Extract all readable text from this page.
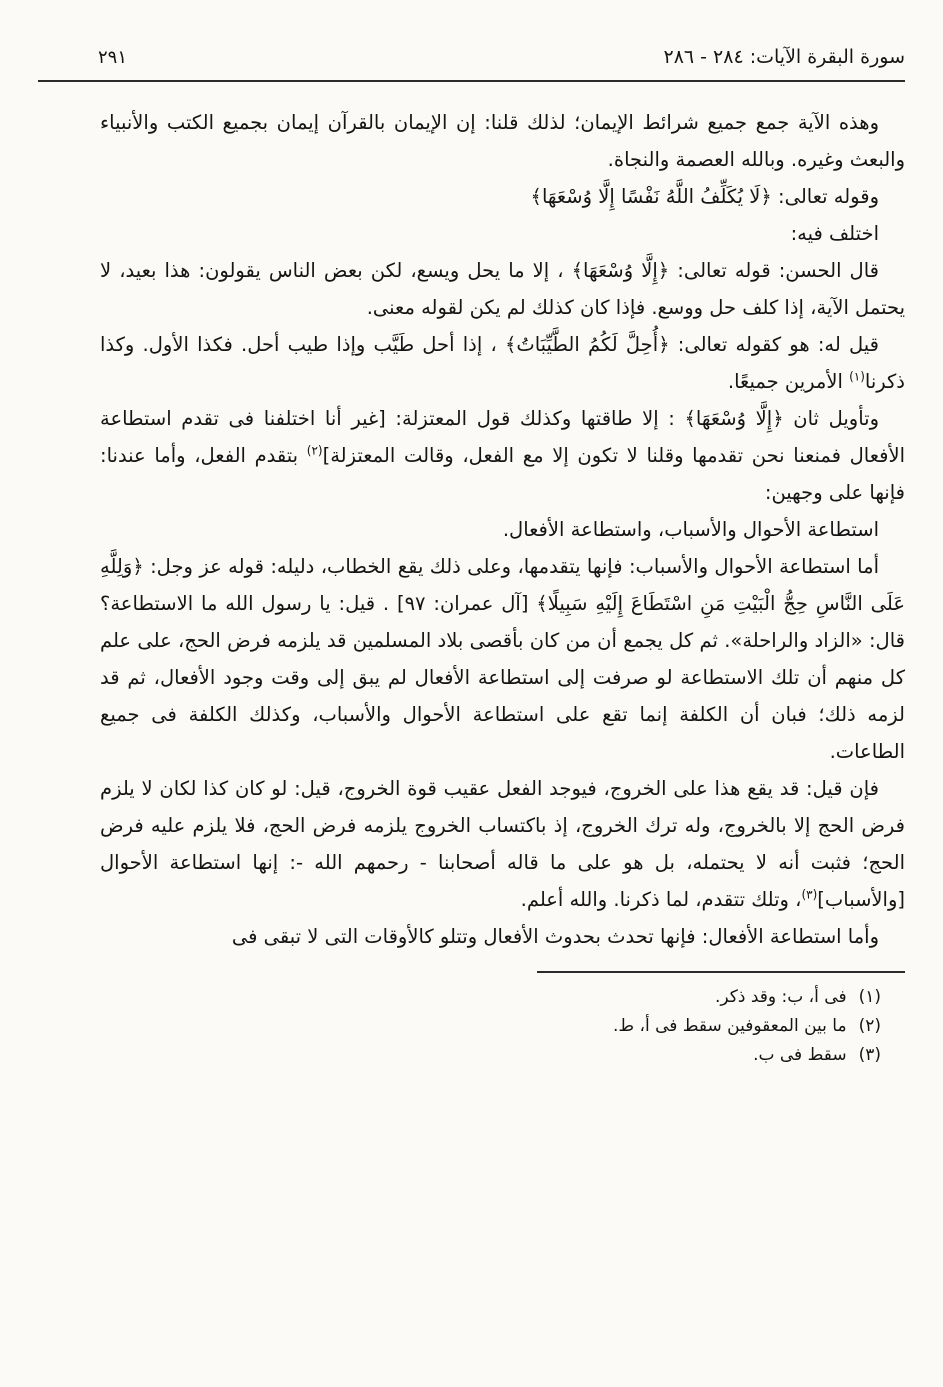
سورة البقرة الآيات: ٢٨٤ - ٢٨٦
٢٩١

وهذه الآية جمع جميع شرائط الإيمان؛ لذلك قلنا: إن الإيمان بالقرآن إيمان بجميع الكتب والأنبياء والبعث وغيره. وبالله العصمة والنجاة.

وقوله تعالى: ﴿لَا يُكَلِّفُ اللَّهُ نَفْسًا إِلَّا وُسْعَهَا﴾

اختلف فيه:

قال الحسن: قوله تعالى: ﴿إِلَّا وُسْعَهَا﴾ ، إلا ما يحل ويسع، لكن بعض الناس يقولون: هذا بعيد، لا يحتمل الآية، إذا كلف حل ووسع. فإذا كان كذلك لم يكن لقوله معنى.

قيل له: هو كقوله تعالى: ﴿أُحِلَّ لَكُمُ الطَّيِّبَاتُ﴾ ، إذا أحل طَيَّب وإذا طيب أحل. فكذا الأول. وكذا ذكرنا$^{(١)}$ الأمرين جميعًا.

وتأويل ثان ﴿إِلَّا وُسْعَهَا﴾ : إلا طاقتها وكذلك قول المعتزلة: [غير أنا اختلفنا فى تقدم استطاعة الأفعال فمنعنا نحن تقدمها وقلنا لا تكون إلا مع الفعل، وقالت المعتزلة]$^{(٢)}$ بتقدم الفعل، وأما عندنا: فإنها على وجهين:

استطاعة الأحوال والأسباب، واستطاعة الأفعال.

أما استطاعة الأحوال والأسباب: فإنها يتقدمها، وعلى ذلك يقع الخطاب، دليله: قوله عز وجل: ﴿وَلِلَّهِ عَلَى النَّاسِ حِجُّ الْبَيْتِ مَنِ اسْتَطَاعَ إِلَيْهِ سَبِيلًا﴾ [آل عمران: ٩٧] . قيل: يا رسول الله ما الاستطاعة؟ قال: «الزاد والراحلة». ثم كل يجمع أن من كان بأقصى بلاد المسلمين قد يلزمه فرض الحج، على علم كل منهم أن تلك الاستطاعة لو صرفت إلى استطاعة الأفعال لم يبق إلى وقت وجود الأفعال، ثم قد لزمه ذلك؛ فبان أن الكلفة إنما تقع على استطاعة الأحوال والأسباب، وكذلك الكلفة فى جميع الطاعات.

فإن قيل: قد يقع هذا على الخروج، فيوجد الفعل عقيب قوة الخروج، قيل: لو كان كذا لكان لا يلزم فرض الحج إلا بالخروج، وله ترك الخروج، إذ باكتساب الخروج يلزمه فرض الحج، فلا يلزم عليه فرض الحج؛ فثبت أنه لا يحتمله، بل هو على ما قاله أصحابنا - رحمهم الله -: إنها استطاعة الأحوال [والأسباب]$^{(٣)}$، وتلك تتقدم، لما ذكرنا. والله أعلم.

وأما استطاعة الأفعال: فإنها تحدث بحدوث الأفعال وتتلو كالأوقات التى لا تبقى فى

(١)فى أ، ب: وقد ذكر.
(٢)ما بين المعقوفين سقط فى أ، ط.
(٣)سقط فى ب.
